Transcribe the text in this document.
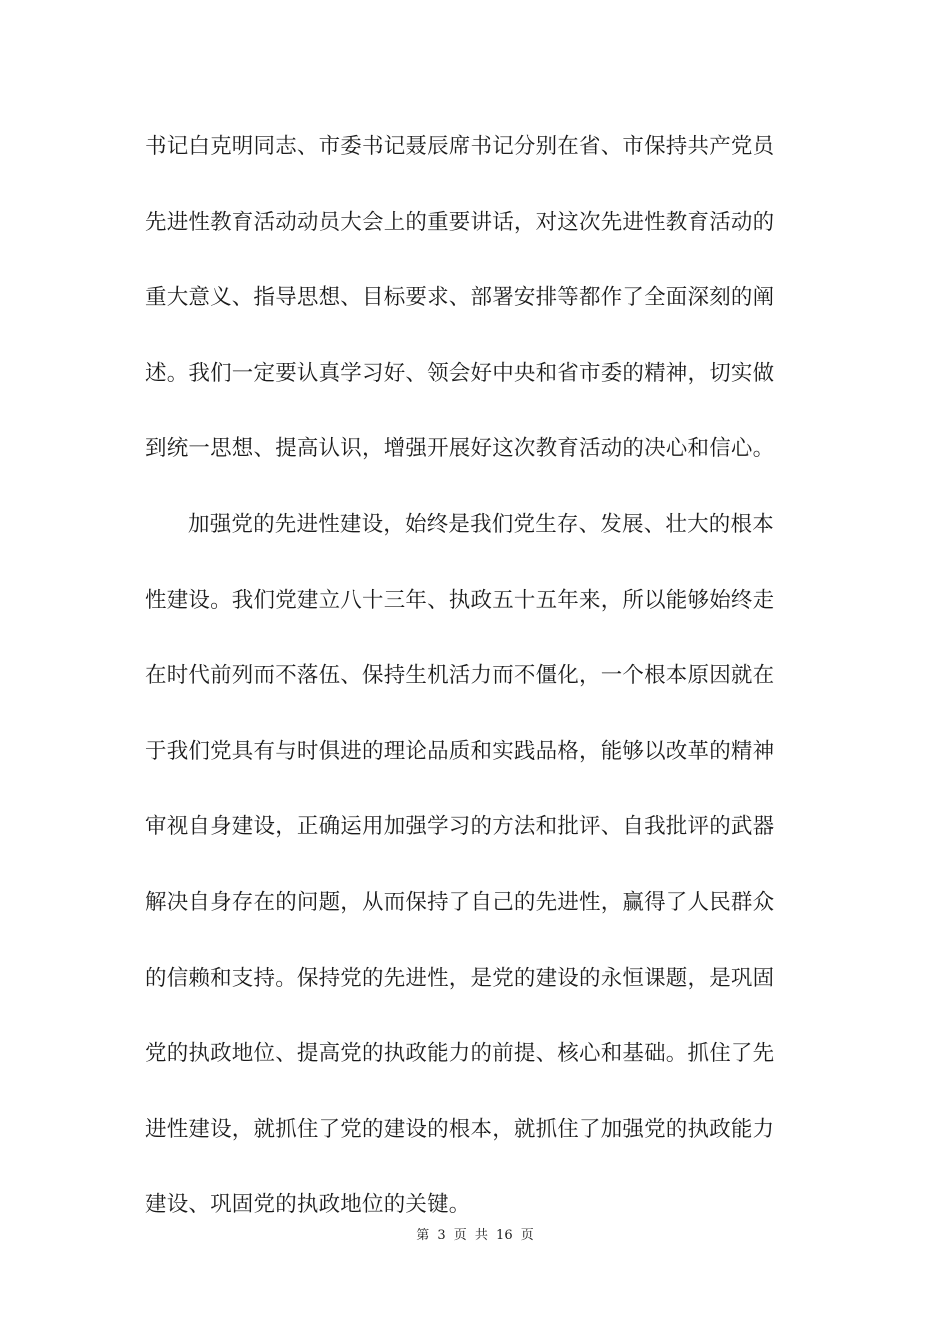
书记白克明同志、市委书记聂辰席书记分别在省、市保持共产党员
先进性教育活动动员大会上的重要讲话，对这次先进性教育活动的
重大意义、指导思想、目标要求、部署安排等都作了全面深刻的阐
述。我们一定要认真学习好、领会好中央和省市委的精神，切实做
到统一思想、提高认识，增强开展好这次教育活动的决心和信心。
加强党的先进性建设，始终是我们党生存、发展、壮大的根本
性建设。我们党建立八十三年、执政五十五年来，所以能够始终走
在时代前列而不落伍、保持生机活力而不僵化，一个根本原因就在
于我们党具有与时俱进的理论品质和实践品格，能够以改革的精神
审视自身建设，正确运用加强学习的方法和批评、自我批评的武器
解决自身存在的问题，从而保持了自己的先进性，赢得了人民群众
的信赖和支持。保持党的先进性，是党的建设的永恒课题，是巩固
党的执政地位、提高党的执政能力的前提、核心和基础。抓住了先
进性建设，就抓住了党的建设的根本，就抓住了加强党的执政能力
建设、巩固党的执政地位的关键。
第 3 页 共 16 页
